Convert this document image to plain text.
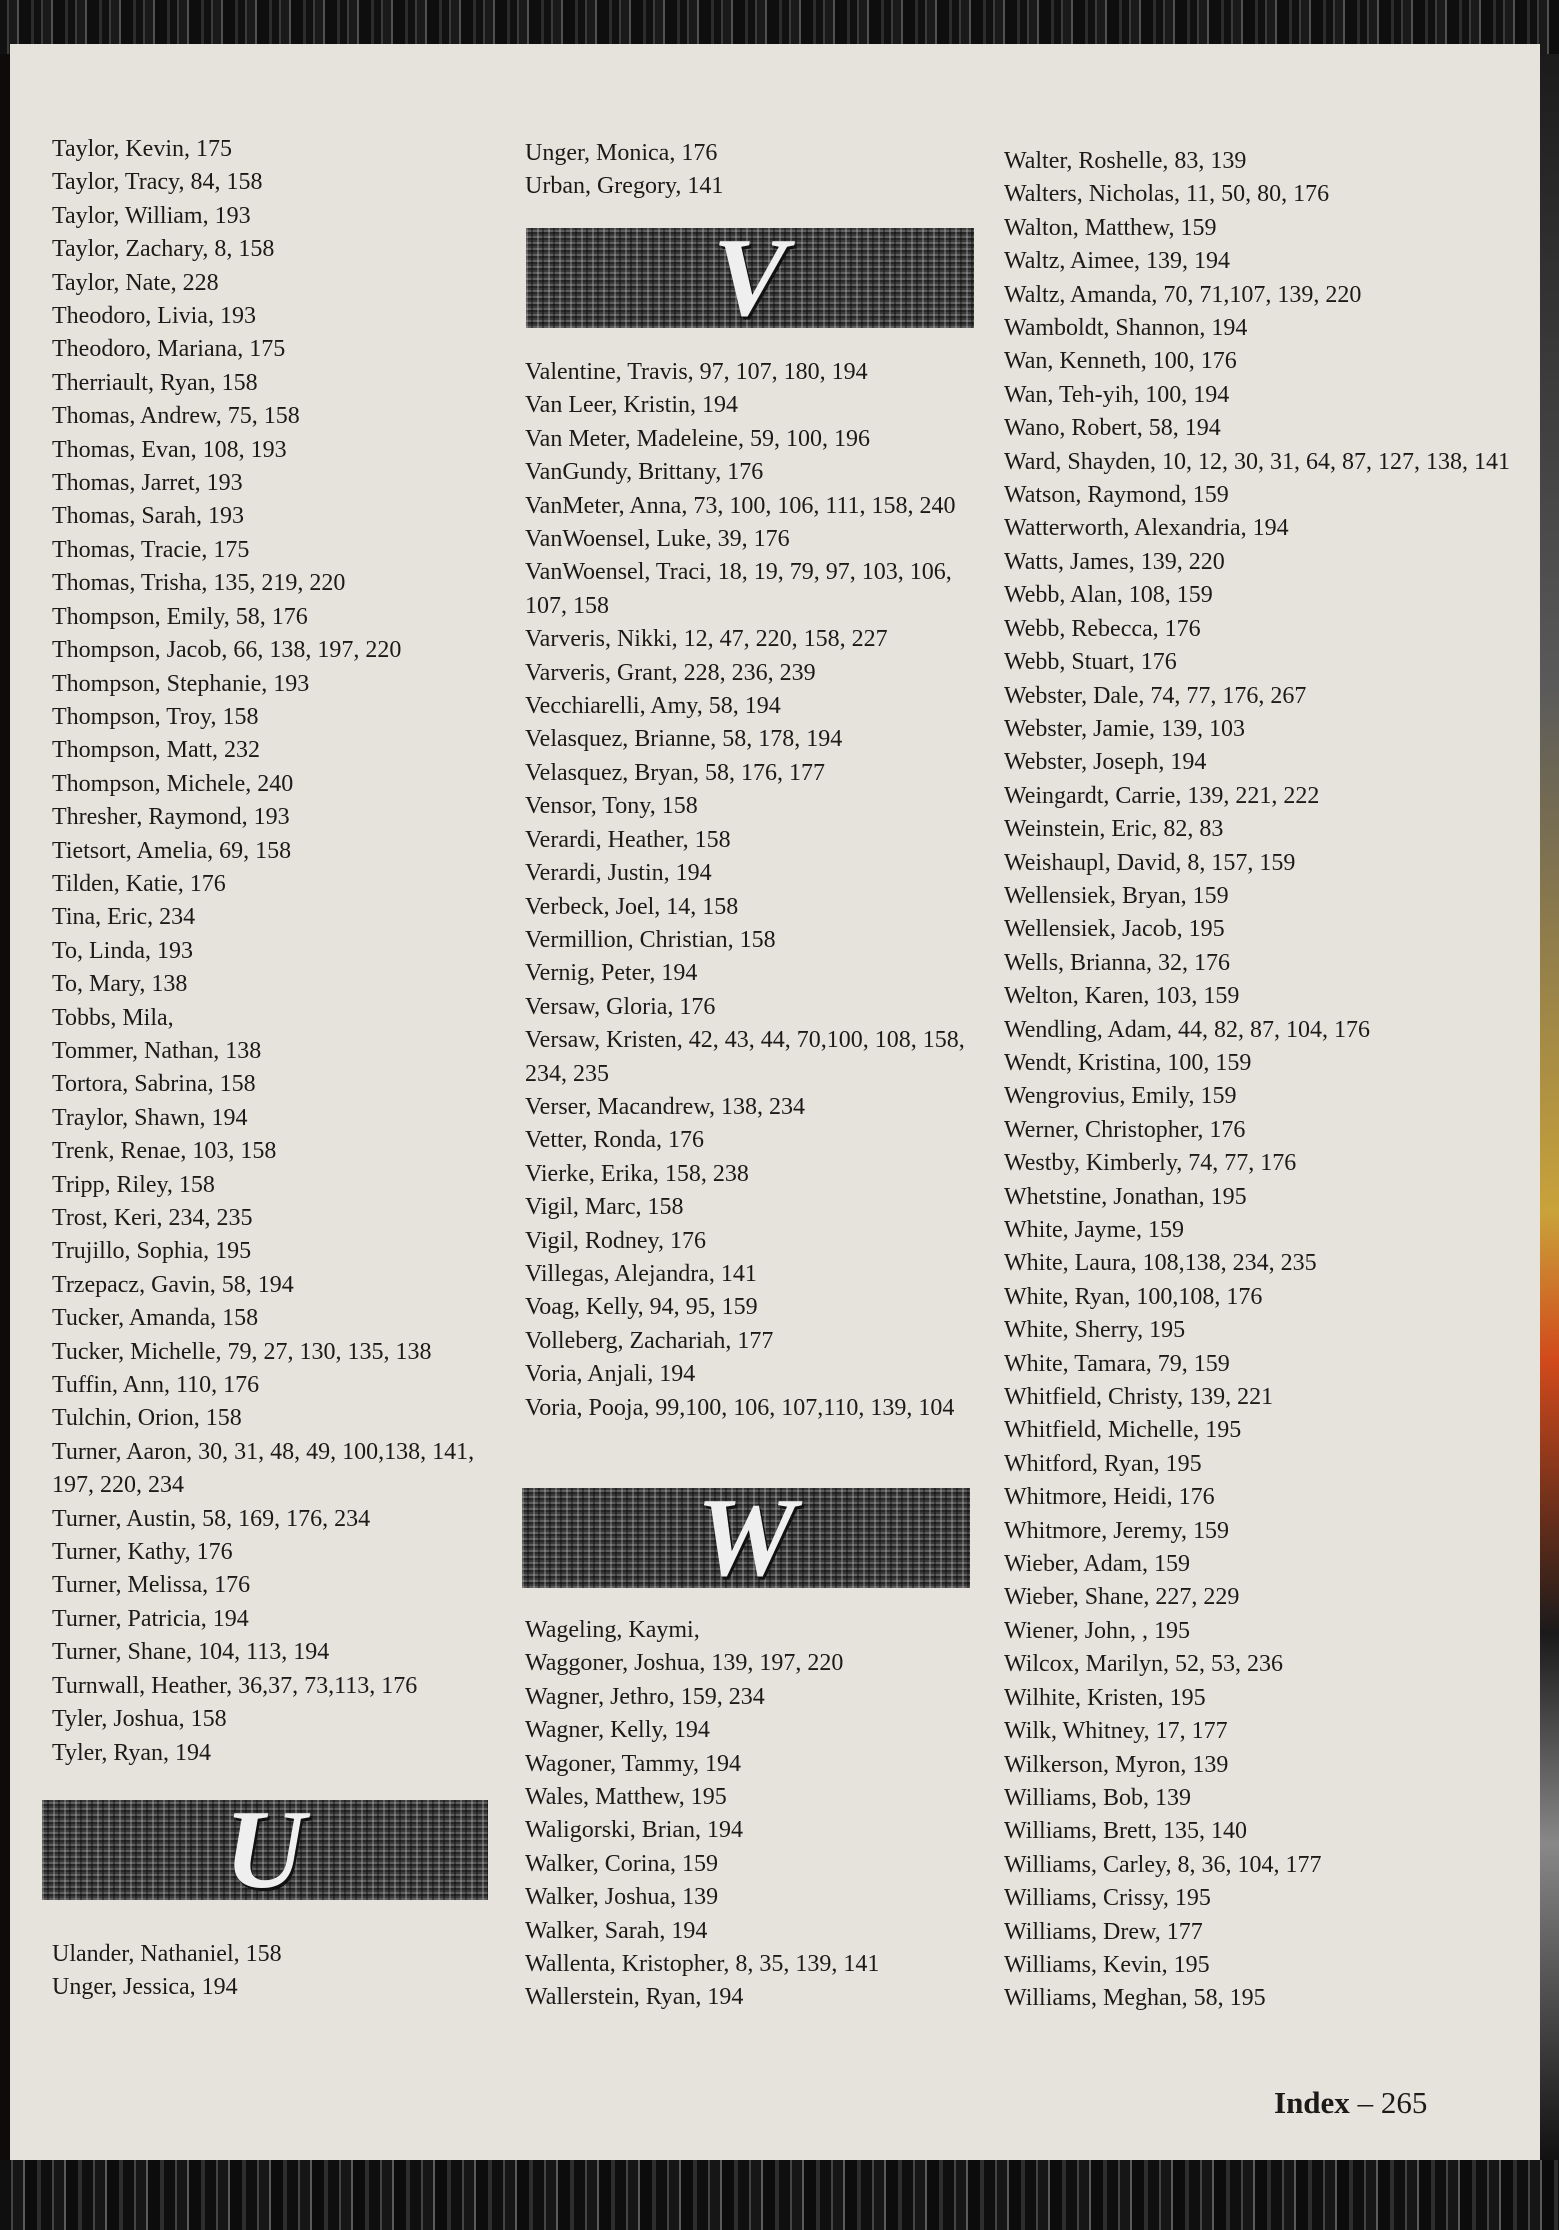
Taylor, Kevin, 175
Taylor, Tracy, 84, 158
Taylor, William, 193
Taylor, Zachary, 8, 158
Taylor, Nate, 228
Theodoro, Livia, 193
Theodoro, Mariana, 175
Therriault, Ryan, 158
Thomas, Andrew, 75, 158
Thomas, Evan, 108, 193
Thomas, Jarret, 193
Thomas, Sarah, 193
Thomas, Tracie, 175
Thomas, Trisha, 135, 219, 220
Thompson, Emily, 58, 176
Thompson, Jacob, 66, 138, 197, 220
Thompson, Stephanie, 193
Thompson, Troy, 158
Thompson, Matt, 232
Thompson, Michele, 240
Thresher, Raymond, 193
Tietsort, Amelia, 69, 158
Tilden, Katie, 176
Tina, Eric, 234
To, Linda, 193
To, Mary, 138
Tobbs, Mila,
Tommer, Nathan, 138
Tortora, Sabrina, 158
Traylor, Shawn, 194
Trenk, Renae, 103, 158
Tripp, Riley, 158
Trost, Keri, 234, 235
Trujillo, Sophia, 195
Trzepacz, Gavin, 58, 194
Tucker, Amanda, 158
Tucker, Michelle, 79, 27, 130, 135, 138
Tuffin, Ann, 110, 176
Tulchin, Orion, 158
Turner, Aaron, 30, 31, 48, 49, 100,138, 141, 197, 220, 234
Turner, Austin, 58, 169, 176, 234
Turner, Kathy, 176
Turner, Melissa, 176
Turner, Patricia, 194
Turner, Shane, 104, 113, 194
Turnwall, Heather, 36,37, 73,113, 176
Tyler, Joshua, 158
Tyler, Ryan, 194
U
Ulander, Nathaniel, 158
Unger, Jessica, 194
Unger, Monica, 176
Urban, Gregory, 141
V
Valentine, Travis, 97, 107, 180, 194
Van Leer, Kristin, 194
Van Meter, Madeleine, 59, 100, 196
VanGundy, Brittany, 176
VanMeter, Anna, 73, 100, 106, 111, 158, 240
VanWoensel, Luke, 39, 176
VanWoensel, Traci, 18, 19, 79, 97, 103, 106, 107, 158
Varveris, Nikki, 12, 47, 220, 158, 227
Varveris, Grant, 228, 236, 239
Vecchiarelli, Amy, 58, 194
Velasquez, Brianne, 58, 178, 194
Velasquez, Bryan, 58, 176, 177
Vensor, Tony, 158
Verardi, Heather, 158
Verardi, Justin, 194
Verbeck, Joel, 14, 158
Vermillion, Christian, 158
Vernig, Peter, 194
Versaw, Gloria, 176
Versaw, Kristen, 42, 43, 44, 70,100, 108, 158, 234, 235
Verser, Macandrew, 138, 234
Vetter, Ronda, 176
Vierke, Erika, 158, 238
Vigil, Marc, 158
Vigil, Rodney, 176
Villegas, Alejandra, 141
Voag, Kelly, 94, 95, 159
Volleberg, Zachariah, 177
Voria, Anjali, 194
Voria, Pooja, 99,100, 106, 107,110, 139, 104
W
Wageling, Kaymi,
Waggoner, Joshua, 139, 197, 220
Wagner, Jethro, 159, 234
Wagner, Kelly, 194
Wagoner, Tammy, 194
Wales, Matthew, 195
Waligorski, Brian, 194
Walker, Corina, 159
Walker, Joshua, 139
Walker, Sarah, 194
Wallenta, Kristopher, 8, 35, 139, 141
Wallerstein, Ryan, 194
Walter, Roshelle, 83, 139
Walters, Nicholas, 11, 50, 80, 176
Walton, Matthew, 159
Waltz, Aimee, 139, 194
Waltz, Amanda, 70, 71,107, 139, 220
Wamboldt, Shannon, 194
Wan, Kenneth, 100, 176
Wan, Teh-yih, 100, 194
Wano, Robert, 58, 194
Ward, Shayden, 10, 12, 30, 31, 64, 87, 127, 138, 141
Watson, Raymond, 159
Watterworth, Alexandria, 194
Watts, James, 139, 220
Webb, Alan, 108, 159
Webb, Rebecca, 176
Webb, Stuart, 176
Webster, Dale, 74, 77, 176, 267
Webster, Jamie, 139, 103
Webster, Joseph, 194
Weingardt, Carrie, 139, 221, 222
Weinstein, Eric, 82, 83
Weishaupl, David, 8, 157, 159
Wellensiek, Bryan, 159
Wellensiek, Jacob, 195
Wells, Brianna, 32, 176
Welton, Karen, 103, 159
Wendling, Adam, 44, 82, 87, 104, 176
Wendt, Kristina, 100, 159
Wengrovius, Emily, 159
Werner, Christopher, 176
Westby, Kimberly, 74, 77, 176
Whetstine, Jonathan, 195
White, Jayme, 159
White, Laura, 108,138, 234, 235
White, Ryan, 100,108, 176
White, Sherry, 195
White, Tamara, 79, 159
Whitfield, Christy, 139, 221
Whitfield, Michelle, 195
Whitford, Ryan, 195
Whitmore, Heidi, 176
Whitmore, Jeremy, 159
Wieber, Adam, 159
Wieber, Shane, 227, 229
Wiener, John, , 195
Wilcox, Marilyn, 52, 53, 236
Wilhite, Kristen, 195
Wilk, Whitney, 17, 177
Wilkerson, Myron, 139
Williams, Bob, 139
Williams, Brett, 135, 140
Williams, Carley, 8, 36, 104, 177
Williams, Crissy, 195
Williams, Drew, 177
Williams, Kevin, 195
Williams, Meghan, 58, 195
Index – 265
